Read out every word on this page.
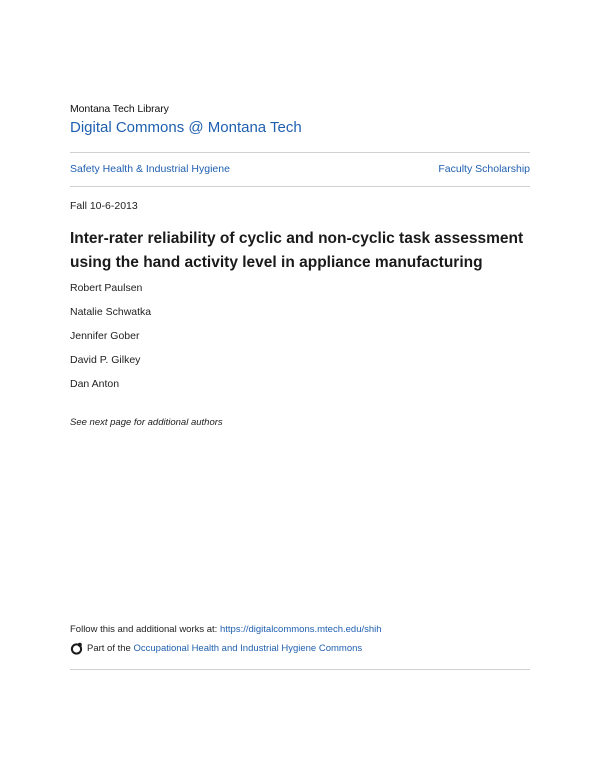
Montana Tech Library
Digital Commons @ Montana Tech
Safety Health & Industrial Hygiene	Faculty Scholarship
Fall 10-6-2013
Inter-rater reliability of cyclic and non-cyclic task assessment using the hand activity level in appliance manufacturing
Robert Paulsen
Natalie Schwatka
Jennifer Gober
David P. Gilkey
Dan Anton
See next page for additional authors
Follow this and additional works at: https://digitalcommons.mtech.edu/shih
Part of the
Occupational Health and Industrial Hygiene Commons
